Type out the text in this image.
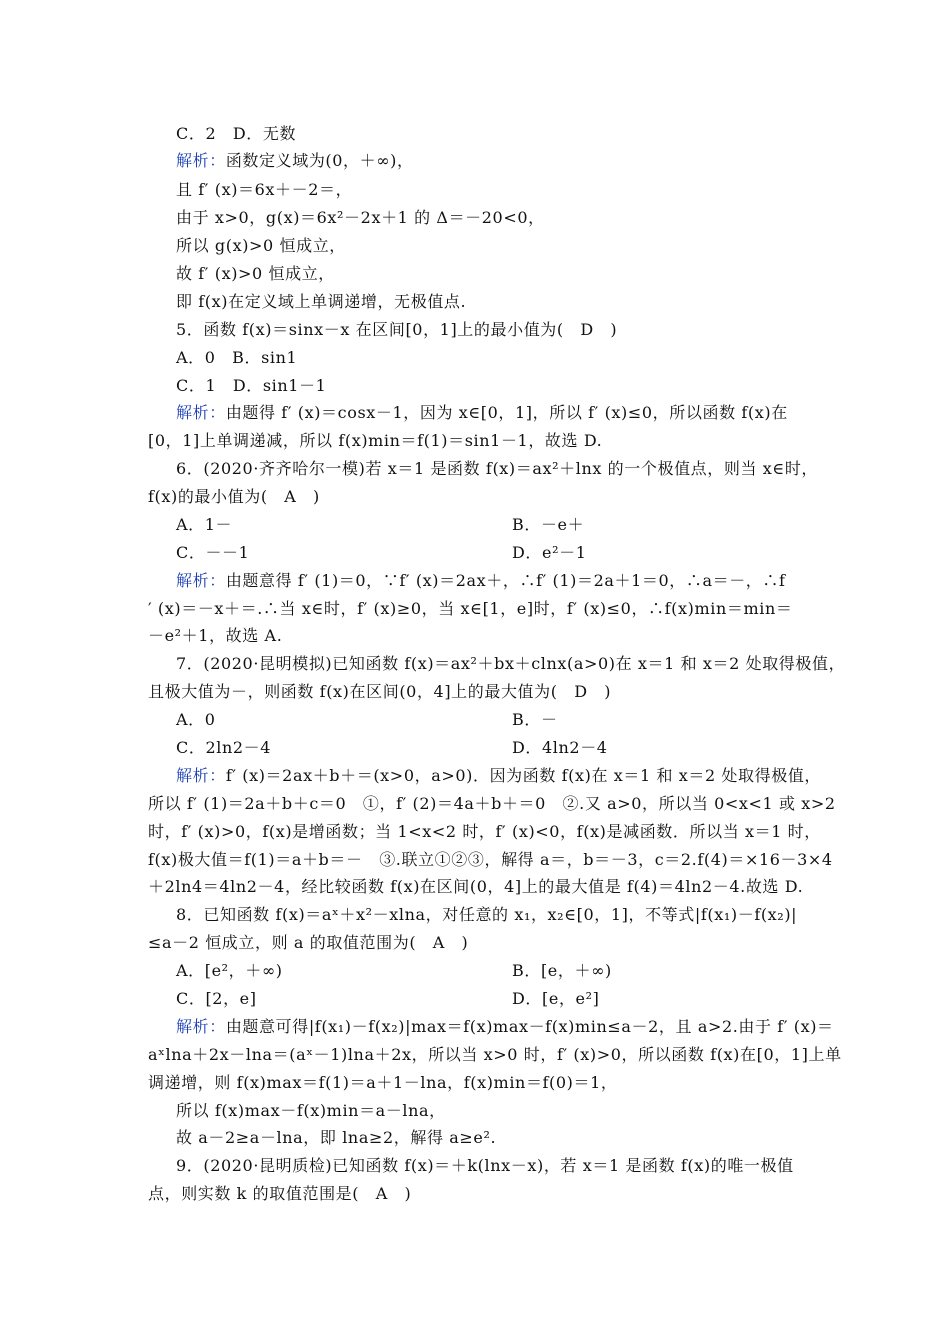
C．2　D．无数
解析：函数定义域为(0，＋∞)，
且 f′ (x)＝6x＋－2＝，
由于 x>0，g(x)＝6x²－2x＋1 的 Δ＝－20<0，
所以 g(x)>0 恒成立，
故 f′ (x)>0 恒成立，
即 f(x)在定义域上单调递增，无极值点.
5．函数 f(x)＝sinx－x 在区间[0，1]上的最小值为(　D　)
A．0　B．sin1
C．1　D．sin1－1
解析：由题得 f′ (x)＝cosx－1，因为 x∈[0，1]，所以 f′ (x)≤0，所以函数 f(x)在
[0，1]上单调递减，所以 f(x)min＝f(1)＝sin1－1，故选 D.
6．(2020·齐齐哈尔一模)若 x＝1 是函数 f(x)＝ax²＋lnx 的一个极值点，则当 x∈时，
f(x)的最小值为(　A　)
A．1－	B．－e＋
C．－－1	D．e²－1
解析：由题意得 f′ (1)＝0，∵f′ (x)＝2ax＋，∴f′ (1)＝2a＋1＝0，∴a＝－，∴f
′ (x)＝－x＋＝.∴当 x∈时，f′ (x)≥0，当 x∈[1，e]时，f′ (x)≤0，∴f(x)min＝min＝
－e²＋1，故选 A.
7．(2020·昆明模拟)已知函数 f(x)＝ax²＋bx＋clnx(a>0)在 x＝1 和 x＝2 处取得极值，
且极大值为－，则函数 f(x)在区间(0，4]上的最大值为(　D　)
A．0	B．－
C．2ln2－4	D．4ln2－4
解析：f′ (x)＝2ax＋b＋＝(x>0，a>0)．因为函数 f(x)在 x＝1 和 x＝2 处取得极值，
所以 f′ (1)＝2a＋b＋c＝0　①，f′ (2)＝4a＋b＋＝0　②.又 a>0，所以当 0<x<1 或 x>2
时，f′ (x)>0，f(x)是增函数；当 1<x<2 时，f′ (x)<0，f(x)是减函数．所以当 x＝1 时，
f(x)极大值＝f(1)＝a＋b＝－　③.联立①②③，解得 a＝，b＝－3，c＝2.f(4)＝×16－3×4
＋2ln4＝4ln2－4，经比较函数 f(x)在区间(0，4]上的最大值是 f(4)＝4ln2－4.故选 D.
8．已知函数 f(x)＝aˣ＋x²－xlna，对任意的 x₁，x₂∈[0，1]，不等式|f(x₁)－f(x₂)|
≤a－2 恒成立，则 a 的取值范围为(　A　)
A．[e²，＋∞)	B．[e，＋∞)
C．[2，e]	D．[e，e²]
解析：由题意可得|f(x₁)－f(x₂)|max＝f(x)max－f(x)min≤a－2，且 a>2.由于 f′ (x)＝
aˣlna＋2x－lna＝(aˣ－1)lna＋2x，所以当 x>0 时，f′ (x)>0，所以函数 f(x)在[0，1]上单
调递增，则 f(x)max＝f(1)＝a＋1－lna，f(x)min＝f(0)＝1，
所以 f(x)max－f(x)min＝a－lna，
故 a－2≥a－lna，即 lna≥2，解得 a≥e².
9．(2020·昆明质检)已知函数 f(x)＝＋k(lnx－x)，若 x＝1 是函数 f(x)的唯一极值
点，则实数 k 的取值范围是(　A　)
